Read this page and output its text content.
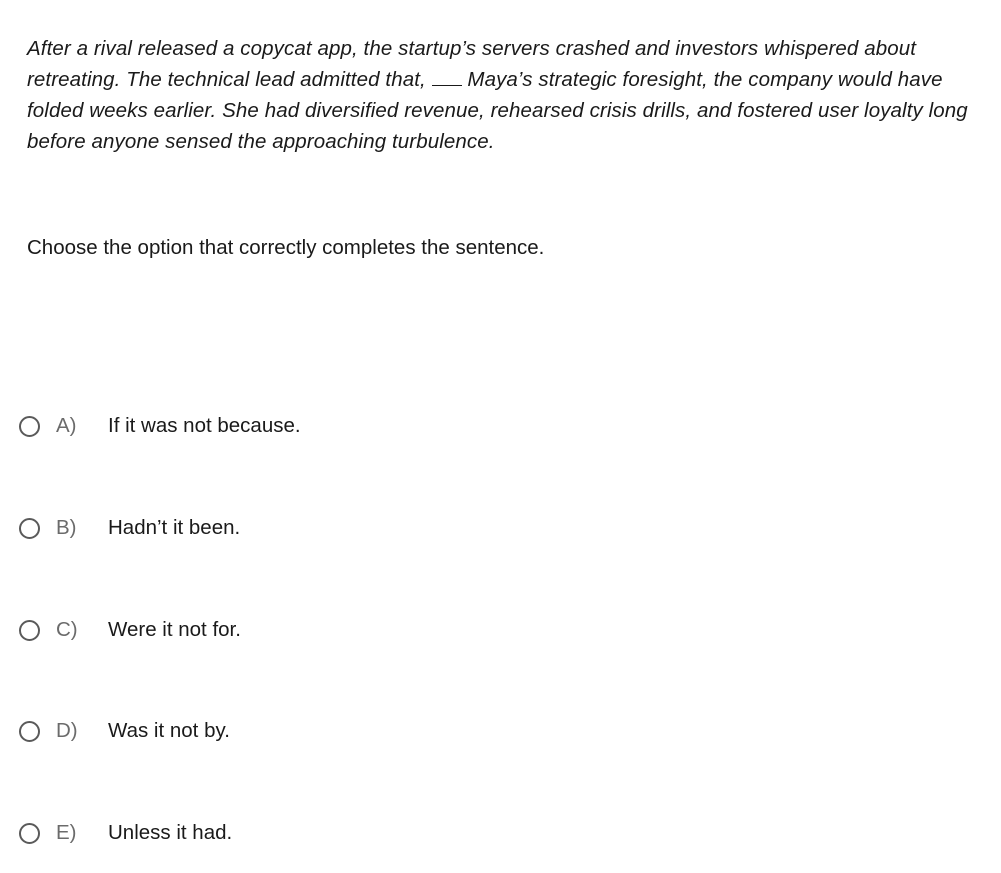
After a rival released a copycat app, the startup’s servers crashed and investors whispered about retreating. The technical lead admitted that,  Maya’s strategic foresight, the company would have folded weeks earlier. She had diversified revenue, rehearsed crisis drills, and fostered user loyalty long before anyone sensed the approaching turbulence.
Choose the option that correctly completes the sentence.
A)	If it was not because.
B)	Hadn’t it been.
C)	Were it not for.
D)	Was it not by.
E)	Unless it had.
